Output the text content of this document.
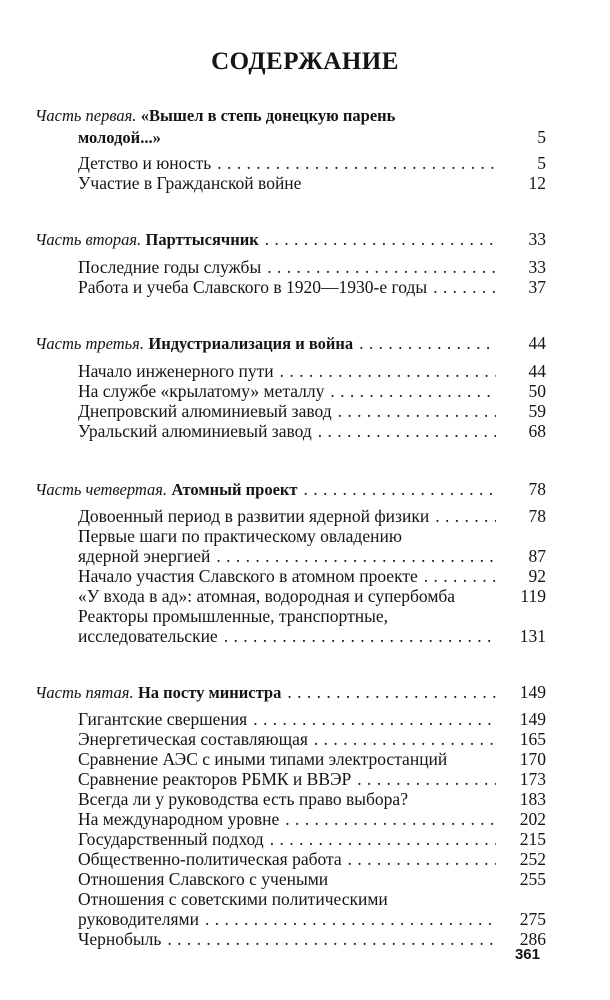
СОДЕРЖАНИЕ
Часть первая. «Вышел в степь донецкую парень
молодой...»	5
Детство и юность . . .	5
Участие в Гражданской войне	12
Часть вторая. Парттысячник . . .	33
Последние годы службы . . .	33
Работа и учеба Славского в 1920—1930-е годы . . .	37
Часть третья. Индустриализация и война . . .	44
Начало инженерного пути . . .	44
На службе «крылатому» металлу . . .	50
Днепровский алюминиевый завод . . .	59
Уральский алюминиевый завод . . .	68
Часть четвертая. Атомный проект . . .	78
Довоенный период в развитии ядерной физики . . .	78
Первые шаги по практическому овладению
ядерной энергией . . .	87
Начало участия Славского в атомном проекте . . .	92
«У входа в ад»: атомная, водородная и супербомба	119
Реакторы промышленные, транспортные,
исследовательские . . .	131
Часть пятая. На посту министра . . .	149
Гигантские свершения . . .	149
Энергетическая составляющая . . .	165
Сравнение АЭС с иными типами электростанций	170
Сравнение реакторов РБМК и ВВЭР . . .	173
Всегда ли у руководства есть право выбора?	183
На международном уровне . . .	202
Государственный подход . . .	215
Общественно-политическая работа . . .	252
Отношения Славского с учеными	255
Отношения с советскими политическими
руководителями . . .	275
Чернобыль . . .	286
361
